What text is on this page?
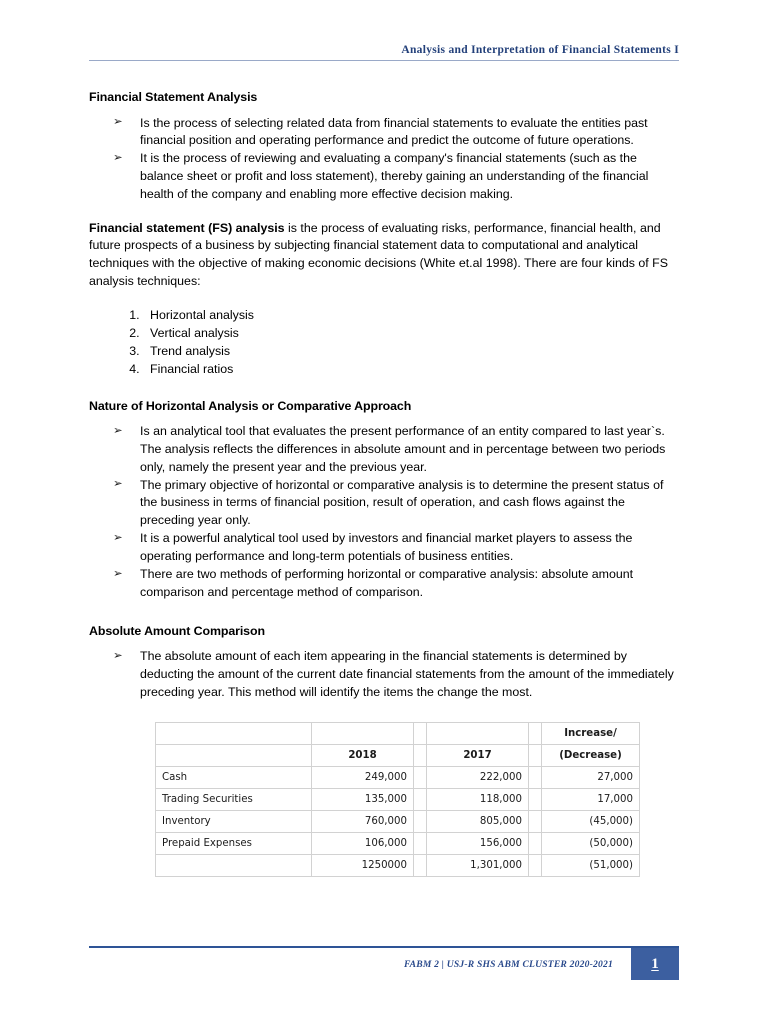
Analysis and Interpretation of Financial Statements I
Financial Statement Analysis
➢ Is the process of selecting related data from financial statements to evaluate the entities past financial position and operating performance and predict the outcome of future operations.
➢ It is the process of reviewing and evaluating a company's financial statements (such as the balance sheet or profit and loss statement), thereby gaining an understanding of the financial health of the company and enabling more effective decision making.

Financial statement (FS) analysis is the process of evaluating risks, performance, financial health, and future prospects of a business by subjecting financial statement data to computational and analytical techniques with the objective of making economic decisions (White et.al 1998). There are four kinds of FS analysis techniques:

1. Horizontal analysis
2. Vertical analysis
3. Trend analysis
4. Financial ratios
Nature of Horizontal Analysis or Comparative Approach
➢ Is an analytical tool that evaluates the present performance of an entity compared to last year`s. The analysis reflects the differences in absolute amount and in percentage between two periods only, namely the present year and the previous year.
➢ The primary objective of horizontal or comparative analysis is to determine the present status of the business in terms of financial position, result of operation, and cash flows against the preceding year only.
➢ It is a powerful analytical tool used by investors and financial market players to assess the operating performance and long-term potentials of business entities.
➢ There are two methods of performing horizontal or comparative analysis: absolute amount comparison and percentage method of comparison.
Absolute Amount Comparison
➢ The absolute amount of each item appearing in the financial statements is determined by deducting the amount of the current date financial statements from the amount of the immediately preceding year. This method will identify the items the change the most.
					Increase/
	2018		2017		(Decrease)
Cash	249,000		222,000		27,000
Trading Securities	135,000		118,000		17,000
Inventory	760,000		805,000		(45,000)
Prepaid Expenses	106,000		156,000		(50,000)
	1250000		1,301,000		(51,000)
FABM 2 | USJ-R SHS ABM CLUSTER 2020-2021	1
